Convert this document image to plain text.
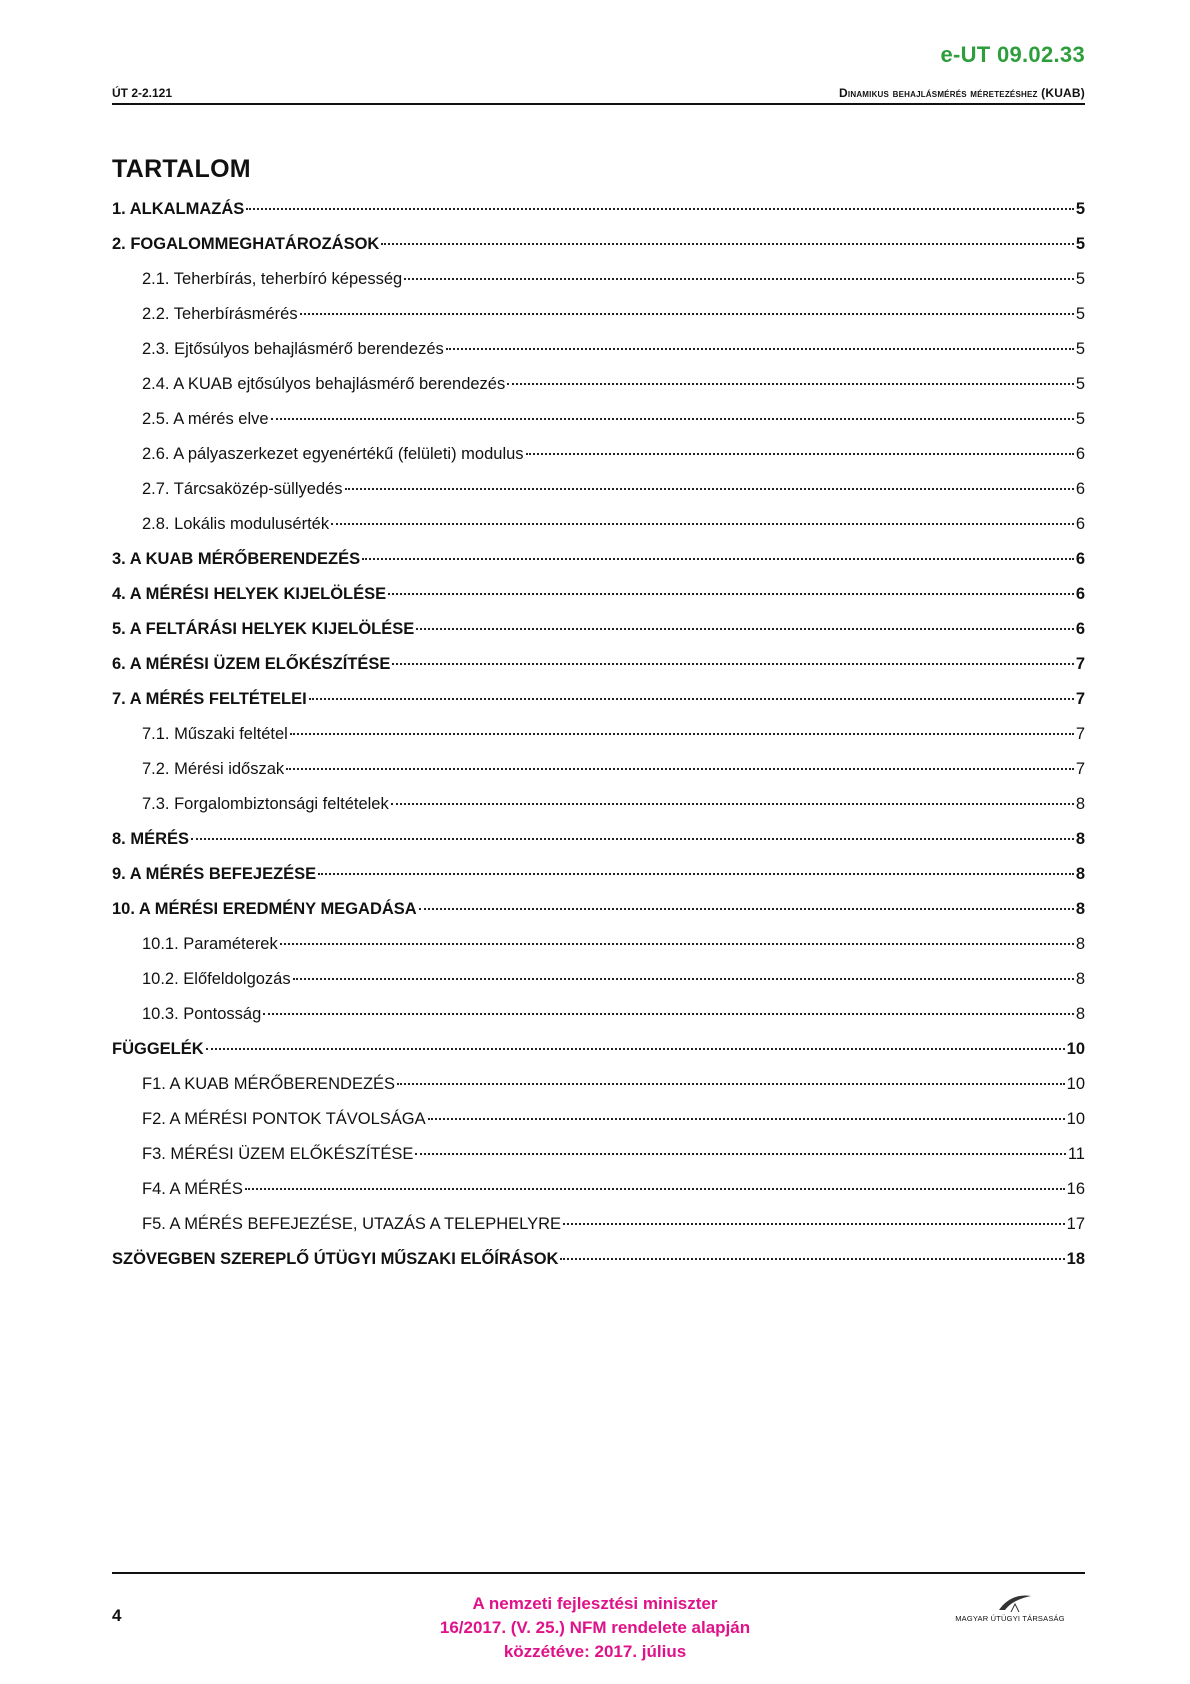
e-UT 09.02.33
ÚT 2-2.121	Dinamikus behajlásmérés méretezéshez (KUAB)
TARTALOM
1. ALKALMAZÁS	5
2. FOGALOMMEGHATÁROZÁSOK	5
2.1. Teherbírás, teherbíró képesség	5
2.2. Teherbírásmérés	5
2.3. Ejtősúlyos behajlásmérő berendezés	5
2.4. A KUAB ejtősúlyos behajlásmérő berendezés	5
2.5. A mérés elve	5
2.6. A pályaszerkezet egyenértékű (felületi) modulus	6
2.7. Tárcsaközép-süllyedés	6
2.8. Lokális modulusérték	6
3. A KUAB MÉRŐBERENDEZÉS	6
4. A MÉRÉSI HELYEK KIJELÖLÉSE	6
5. A FELTÁRÁSI HELYEK KIJELÖLÉSE	6
6. A MÉRÉSI ÜZEM ELŐKÉSZÍTÉSE	7
7. A MÉRÉS FELTÉTELEI	7
7.1. Műszaki feltétel	7
7.2. Mérési időszak	7
7.3. Forgalombiztonsági feltételek	8
8. MÉRÉS	8
9. A MÉRÉS BEFEJEZÉSE	8
10. A MÉRÉSI EREDMÉNY MEGADÁSA	8
10.1. Paraméterek	8
10.2. Előfeldolgozás	8
10.3. Pontosság	8
FÜGGELÉK	10
F1. A KUAB MÉRŐBERENDEZÉS	10
F2. A MÉRÉSI PONTOK TÁVOLSÁGA	10
F3. MÉRÉSI ÜZEM ELŐKÉSZÍTÉSE	11
F4. A MÉRÉS	16
F5. A MÉRÉS BEFEJEZÉSE, UTAZÁS A TELEPHELYRE	17
SZÖVEGBEN SZEREPLŐ ÚTÜGYI MŰSZAKI ELŐÍRÁSOK	18
4
A nemzeti fejlesztési miniszter
16/2017. (V. 25.) NFM rendelete alapján
közzétéve: 2017. július
MAGYAR ÚTÜGYI TÁRSASÁG
